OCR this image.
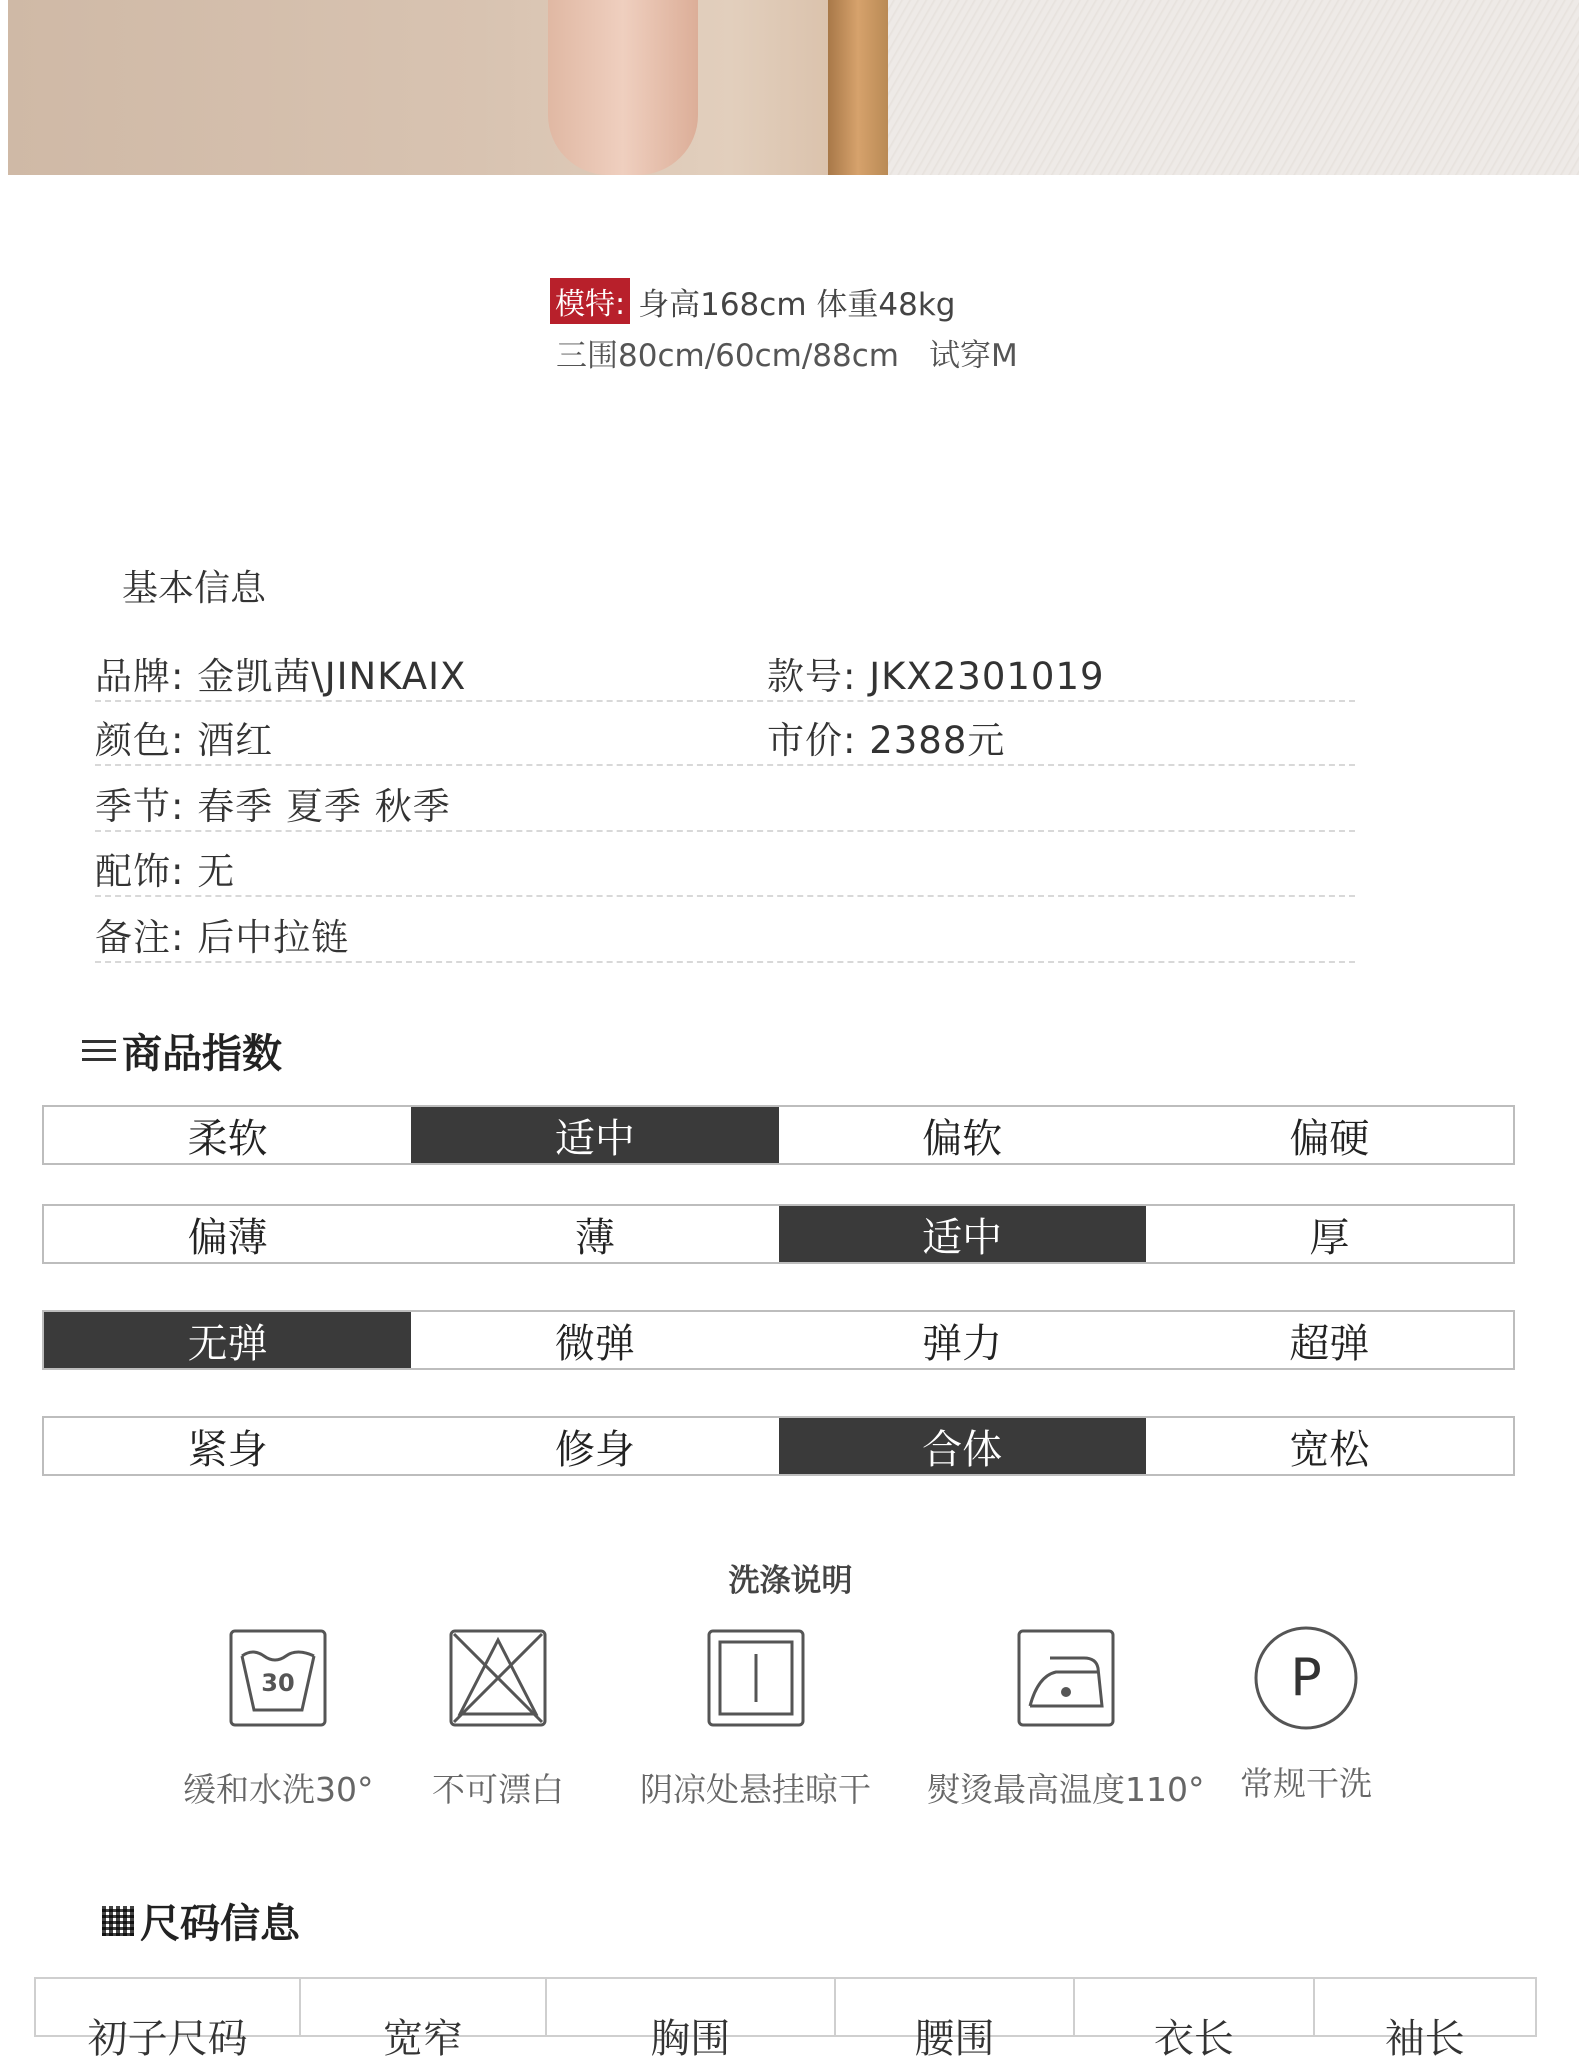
模特: 身高168cm 体重48kg
三围80cm/60cm/88cm 试穿M
基本信息
品牌: 金凯茜\JINKAIX	款号: JKX2301019
颜色: 酒红	市价: 2388元
季节: 春季 夏季 秋季
配饰: 无
备注: 后中拉链
商品指数
柔软	适中	偏软	偏硬
偏薄	薄	适中	厚
无弹	微弹	弹力	超弹
紧身	修身	合体	宽松
洗涤说明
30
缓和水洗30° 不可漂白 阴凉处悬挂晾干 熨烫最高温度110°
P
常规干洗
尺码信息
初子尺码	宽窄	胸围	腰围	衣长	袖长
